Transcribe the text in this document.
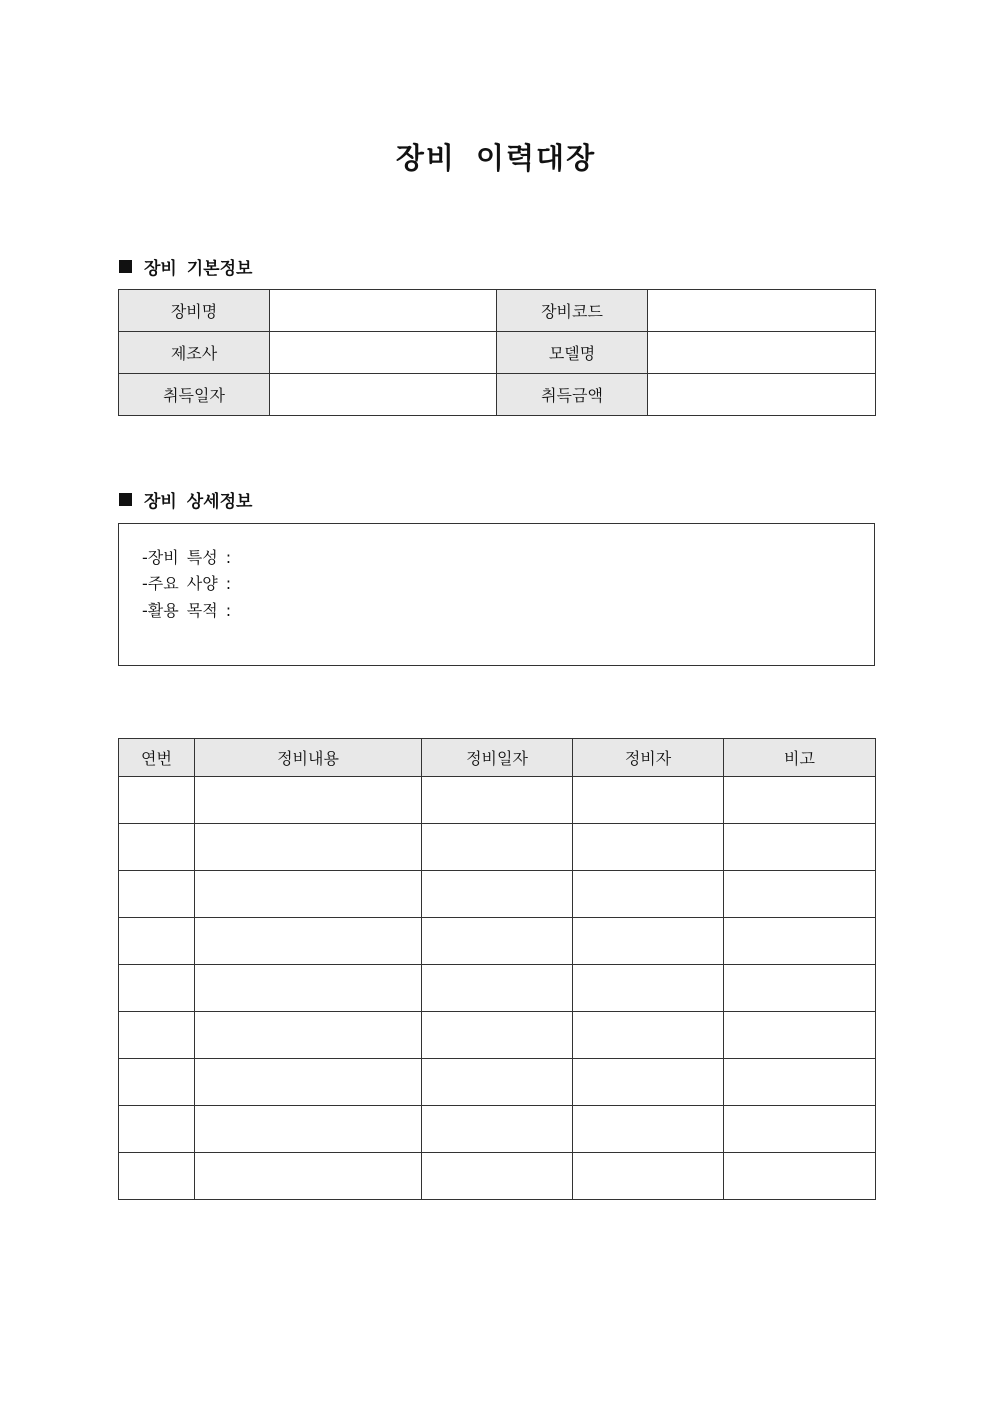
장비 이력대장
장비 기본정보
장비명		장비코드	
제조사		모델명	
취득일자		취득금액	
장비 상세정보
-장비 특성 :
-주요 사양 :
-활용 목적 :
연번	정비내용	정비일자	정비자	비고
